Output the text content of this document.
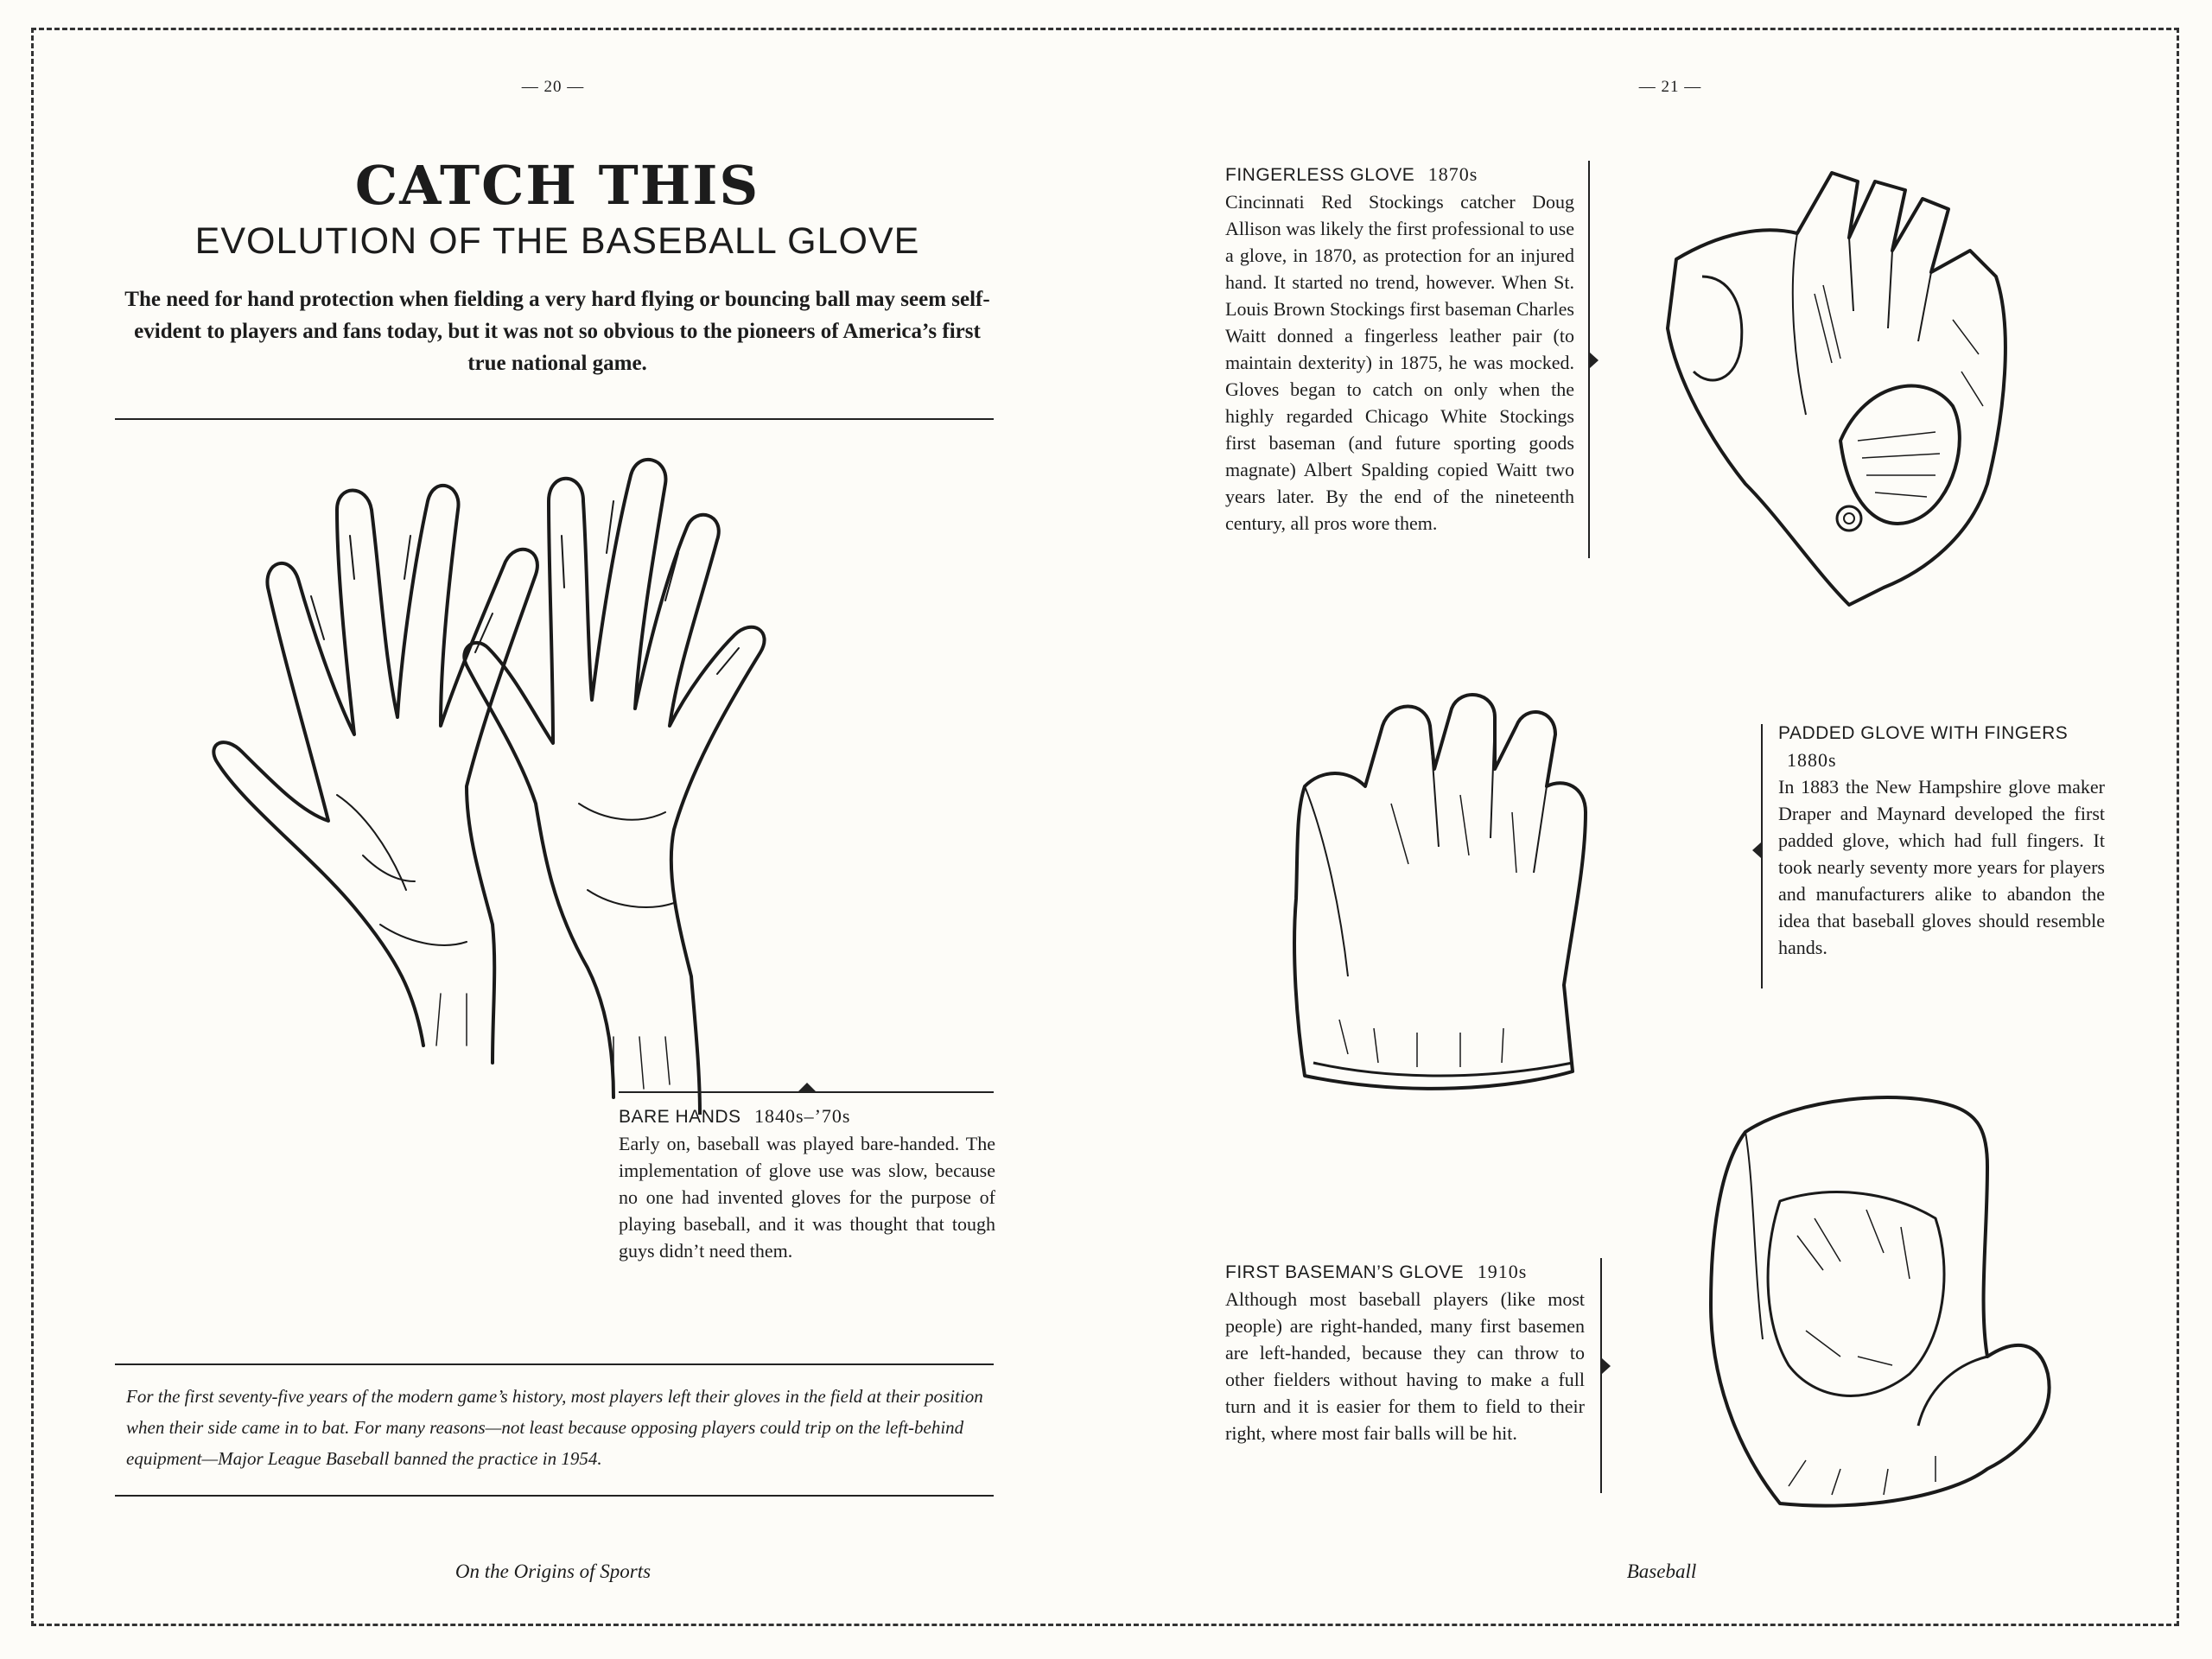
— 20 —	— 21 —
CATCH THIS
EVOLUTION OF THE BASEBALL GLOVE
The need for hand protection when fielding a very hard flying or bouncing ball may seem self-evident to players and fans today, but it was not so obvious to the pioneers of America’s first true national game.
BARE HANDS 1840s–’70s
Early on, baseball was played bare-handed. The implementation of glove use was slow, because no one had invented gloves for the purpose of playing baseball, and it was thought that tough guys didn’t need them.
For the first seventy-five years of the modern game’s history, most players left their gloves in the field at their position when their side came in to bat. For many reasons—not least because opposing players could trip on the left-behind equipment—Major League Baseball banned the practice in 1954.
FINGERLESS GLOVE 1870s
Cincinnati Red Stockings catcher Doug Allison was likely the first professional to use a glove, in 1870, as protection for an injured hand. It started no trend, however. When St. Louis Brown Stockings first baseman Charles Waitt donned a fingerless leather pair (to maintain dexterity) in 1875, he was mocked. Gloves began to catch on only when the highly regarded Chicago White Stockings first baseman (and future sporting goods magnate) Albert Spalding copied Waitt two years later. By the end of the nineteenth century, all pros wore them.
PADDED GLOVE WITH FINGERS 1880s
In 1883 the New Hampshire glove maker Draper and Maynard developed the first padded glove, which had full fingers. It took nearly seventy more years for players and manufacturers alike to abandon the idea that baseball gloves should resemble hands.
FIRST BASEMAN’S GLOVE 1910s
Although most baseball players (like most people) are right-handed, many first basemen are left-handed, because they can throw to other fielders without having to make a full turn and it is easier for them to field to their right, where most fair balls will be hit.
On the Origins of Sports	Baseball
